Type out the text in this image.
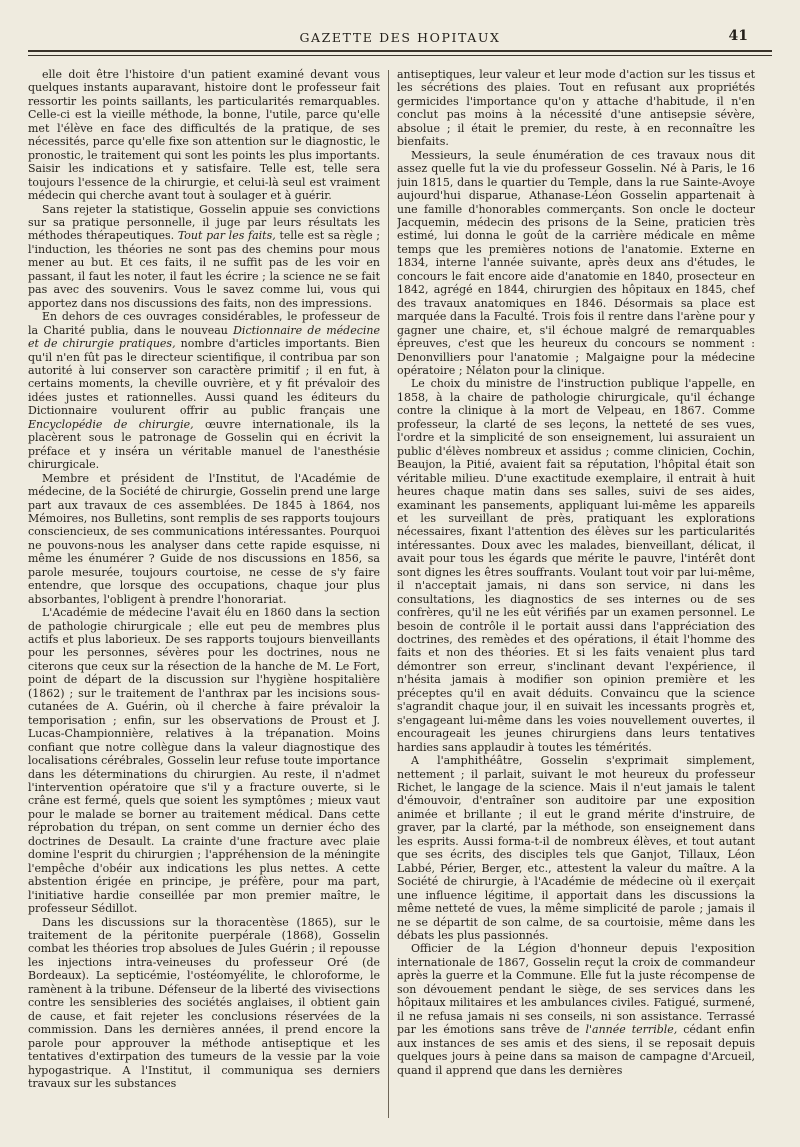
GAZETTE DES HOPITAUX	41

elle doit être l'histoire d'un patient examiné devant vous quelques instants auparavant, histoire dont le professeur fait ressortir les points saillants, les particularités remarquables. Celle-ci est la vieille méthode, la bonne, l'utile, parce qu'elle met l'élève en face des difficultés de la pratique, de ses nécessités, parce qu'elle fixe son attention sur le diagnostic, le pronostic, le traitement qui sont les points les plus importants. Saisir les indications et y satisfaire. Telle est, telle sera toujours l'essence de la chirurgie, et celui-là seul est vraiment médecin qui cherche avant tout à soulager et à guérir.

Sans rejeter la statistique, Gosselin appuie ses convictions sur sa pratique personnelle, il juge par leurs résultats les méthodes thérapeutiques. Tout par les faits, telle est sa règle ; l'induction, les théories ne sont pas des chemins pour mous mener au but. Et ces faits, il ne suffit pas de les voir en passant, il faut les noter, il faut les écrire ; la science ne se fait pas avec des souvenirs. Vous le savez comme lui, vous qui apportez dans nos discussions des faits, non des impressions.

En dehors de ces ouvrages considérables, le professeur de la Charité publia, dans le nouveau Dictionnaire de médecine et de chirurgie pratiques, nombre d'articles importants. Bien qu'il n'en fût pas le directeur scientifique, il contribua par son autorité à lui conserver son caractère primitif ; il en fut, à certains moments, la cheville ouvrière, et y fit prévaloir des idées justes et rationnelles. Aussi quand les éditeurs du Dictionnaire voulurent offrir au public français une Encyclopédie de chirurgie, œuvre internationale, ils la placèrent sous le patronage de Gosselin qui en écrivit la préface et y inséra un véritable manuel de l'anesthésie chirurgicale.

Membre et président de l'Institut, de l'Académie de médecine, de la Société de chirurgie, Gosselin prend une large part aux travaux de ces assemblées. De 1845 à 1864, nos Mémoires, nos Bulletins, sont remplis de ses rapports toujours consciencieux, de ses communications intéressantes. Pourquoi ne pouvons-nous les analyser dans cette rapide esquisse, ni même les énumérer ? Guide de nos discussions en 1856, sa parole mesurée, toujours courtoise, ne cesse de s'y faire entendre, que lorsque des occupations, chaque jour plus absorbantes, l'obligent à prendre l'honorariat.

L'Académie de médecine l'avait élu en 1860 dans la section de pathologie chirurgicale ; elle eut peu de membres plus actifs et plus laborieux. De ses rapports toujours bienveillants pour les personnes, sévères pour les doctrines, nous ne citerons que ceux sur la résection de la hanche de M. Le Fort, point de départ de la discussion sur l'hygiène hospitalière (1862) ; sur le traitement de l'anthrax par les incisions sous-cutanées de A. Guérin, où il cherche à faire prévaloir la temporisation ; enfin, sur les observations de Proust et J. Lucas-Championnière, relatives à la trépanation. Moins confiant que notre collègue dans la valeur diagnostique des localisations cérébrales, Gosselin leur refuse toute importance dans les déterminations du chirurgien. Au reste, il n'admet l'intervention opératoire que s'il y a fracture ouverte, si le crâne est fermé, quels que soient les symptômes ; mieux vaut pour le malade se borner au traitement médical. Dans cette réprobation du trépan, on sent comme un dernier écho des doctrines de Desault. La crainte d'une fracture avec plaie domine l'esprit du chirurgien ; l'appréhension de la méningite l'empêche d'obéir aux indications les plus nettes. A cette abstention érigée en principe, je préfère, pour ma part, l'initiative hardie conseillée par mon premier maître, le professeur Sédillot.

Dans les discussions sur la thoracentèse (1865), sur le traitement de la péritonite puerpérale (1868), Gosselin combat les théories trop absolues de Jules Guérin ; il repousse les injections intra-veineuses du professeur Oré (de Bordeaux). La septicémie, l'ostéomyélite, le chloroforme, le ramènent à la tribune. Défenseur de la liberté des vivisections contre les sensibleries des sociétés anglaises, il obtient gain de cause, et fait rejeter les conclusions réservées de la commission. Dans les dernières années, il prend encore la parole pour approuver la méthode antiseptique et les tentatives d'extirpation des tumeurs de la vessie par la voie hypogastrique. A l'Institut, il communiqua ses derniers travaux sur les substances

antiseptiques, leur valeur et leur mode d'action sur les tissus et les sécrétions des plaies. Tout en refusant aux propriétés germicides l'importance qu'on y attache d'habitude, il n'en conclut pas moins à la nécessité d'une antisepsie sévère, absolue ; il était le premier, du reste, à en reconnaître les bienfaits.

Messieurs, la seule énumération de ces travaux nous dit assez quelle fut la vie du professeur Gosselin. Né à Paris, le 16 juin 1815, dans le quartier du Temple, dans la rue Sainte-Avoye aujourd'hui disparue, Athanase-Léon Gosselin appartenait à une famille d'honorables commerçants. Son oncle le docteur Jacquemin, médecin des prisons de la Seine, praticien très estimé, lui donna le goût de la carrière médicale en même temps que les premières notions de l'anatomie. Externe en 1834, interne l'année suivante, après deux ans d'études, le concours le fait encore aide d'anatomie en 1840, prosecteur en 1842, agrégé en 1844, chirurgien des hôpitaux en 1845, chef des travaux anatomiques en 1846. Désormais sa place est marquée dans la Faculté. Trois fois il rentre dans l'arène pour y gagner une chaire, et, s'il échoue malgré de remarquables épreuves, c'est que les heureux du concours se nomment : Denonvilliers pour l'anatomie ; Malgaigne pour la médecine opératoire ; Nélaton pour la clinique.

Le choix du ministre de l'instruction publique l'appelle, en 1858, à la chaire de pathologie chirurgicale, qu'il échange contre la clinique à la mort de Velpeau, en 1867. Comme professeur, la clarté de ses leçons, la netteté de ses vues, l'ordre et la simplicité de son enseignement, lui assuraient un public d'élèves nombreux et assidus ; comme clinicien, Cochin, Beaujon, la Pitié, avaient fait sa réputation, l'hôpital était son véritable milieu. D'une exactitude exemplaire, il entrait à huit heures chaque matin dans ses salles, suivi de ses aides, examinant les pansements, appliquant lui-même les appareils et les surveillant de près, pratiquant les explorations nécessaires, fixant l'attention des élèves sur les particularités intéressantes. Doux avec les malades, bienveillant, délicat, il avait pour tous les égards que mérite le pauvre, l'intérêt dont sont dignes les êtres souffrants. Voulant tout voir par lui-même, il n'acceptait jamais, ni dans son service, ni dans les consultations, les diagnostics de ses internes ou de ses confrères, qu'il ne les eût vérifiés par un examen personnel. Le besoin de contrôle il le portait aussi dans l'appréciation des doctrines, des remèdes et des opérations, il était l'homme des faits et non des théories. Et si les faits venaient plus tard démontrer son erreur, s'inclinant devant l'expérience, il n'hésita jamais à modifier son opinion première et les préceptes qu'il en avait déduits. Convaincu que la science s'agrandit chaque jour, il en suivait les incessants progrès et, s'engageant lui-même dans les voies nouvellement ouvertes, il encourageait les jeunes chirurgiens dans leurs tentatives hardies sans applaudir à toutes les témérités.

A l'amphithéâtre, Gosselin s'exprimait simplement, nettement ; il parlait, suivant le mot heureux du professeur Richet, le langage de la science. Mais il n'eut jamais le talent d'émouvoir, d'entraîner son auditoire par une exposition animée et brillante ; il eut le grand mérite d'instruire, de graver, par la clarté, par la méthode, son enseignement dans les esprits. Aussi forma-t-il de nombreux élèves, et tout autant que ses écrits, des disciples tels que Ganjot, Tillaux, Léon Labbé, Périer, Berger, etc., attestent la valeur du maître. A la Société de chirurgie, à l'Académie de médecine où il exerçait une influence légitime, il apportait dans les discussions la même netteté de vues, la même simplicité de parole ; jamais il ne se départit de son calme, de sa courtoisie, même dans les débats les plus passionnés.

Officier de la Légion d'honneur depuis l'exposition internationale de 1867, Gosselin reçut la croix de commandeur après la guerre et la Commune. Elle fut la juste récompense de son dévouement pendant le siège, de ses services dans les hôpitaux militaires et les ambulances civiles. Fatigué, surmené, il ne refusa jamais ni ses conseils, ni son assistance. Terrassé par les émotions sans trêve de l'année terrible, cédant enfin aux instances de ses amis et des siens, il se reposait depuis quelques jours à peine dans sa maison de campagne d'Arcueil, quand il apprend que dans les dernières
